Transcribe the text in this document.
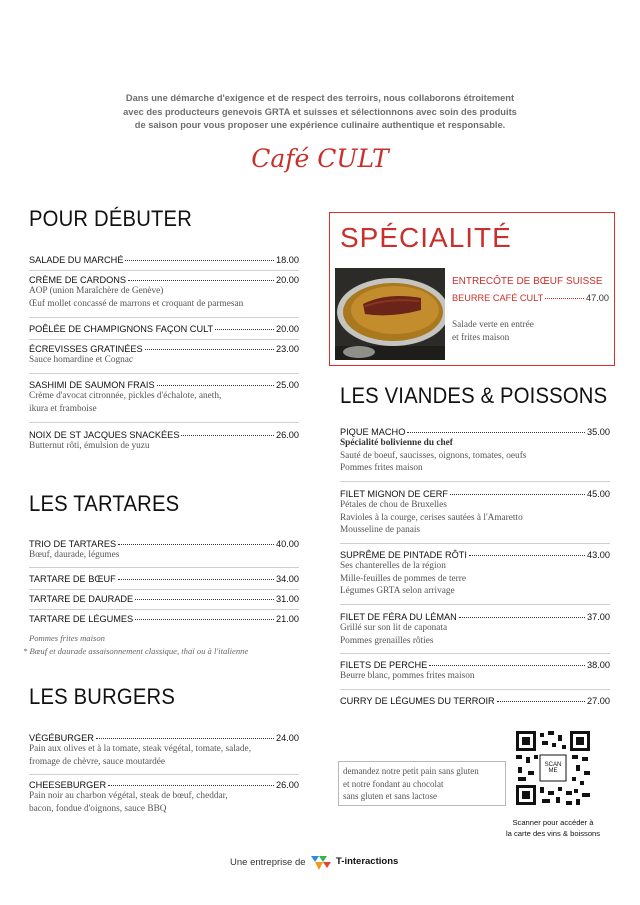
Dans une démarche d'exigence et de respect des terroirs, nous collaborons étroitement
avec des producteurs genevois GRTA et suisses et sélectionnons avec soin des produits
de saison pour vous proposer une expérience culinaire authentique et responsable.
Café CULT
POUR DÉBUTER
SALADE DU MARCHÉ	18.00
CRÈME DE CARDONS	20.00
AOP (union Maraîchère de Genève)
Œuf mollet concassé de marrons et croquant de parmesan
POÊLÉE DE CHAMPIGNONS FAÇON CULT	20.00
ÉCREVISSES GRATINÉES	23.00
Sauce homardine et Cognac
SASHIMI DE SAUMON FRAIS	25.00
Crème d'avocat citronnée, pickles d'échalote, aneth,
ikura et framboise
NOIX DE ST JACQUES SNACKÉES	26.00
Butternut rôti, émulsion de yuzu
LES TARTARES
TRIO DE TARTARES	40.00
Bœuf, daurade, légumes
TARTARE DE BŒUF	34.00
TARTARE DE DAURADE	31.00
TARTARE DE LÉGUMES	21.00
Pommes frites maison
* Bœuf et daurade assaisonnement classique, thaï ou à l'italienne
LES BURGERS
VÉGÉBURGER	24.00
Pain aux olives et à la tomate, steak végétal, tomate, salade,
fromage de chèvre, sauce moutardée
CHEESEBURGER	26.00
Pain noir au charbon végétal, steak de bœuf, cheddar,
bacon, fondue d'oignons, sauce BBQ
SPÉCIALITÉ
ENTRECÔTE DE BŒUF SUISSE
BEURRE CAFÉ CULT	47.00
Salade verte en entrée
et frites maison
LES VIANDES & POISSONS
PIQUE MACHO	35.00
Spécialité bolivienne du chef
Sauté de boeuf, saucisses, oignons, tomates, oeufs
Pommes frites maison
FILET MIGNON DE CERF	45.00
Pétales de chou de Bruxelles
Ravioles à la courge, cerises sautées à l'Amaretto
Mousseline de panais
SUPRÊME DE PINTADE RÔTI	43.00
Ses chanterelles de la région
Mille-feuilles de pommes de terre
Légumes GRTA selon arrivage
FILET DE FÉRA DU LÉMAN	37.00
Grillé sur son lit de caponata
Pommes grenailles rôties
FILETS DE PERCHE	38.00
Beurre blanc, pommes frites maison
CURRY DE LÉGUMES DU TERROIR	27.00
demandez notre petit pain sans gluten
et notre fondant au chocolat
sans gluten et sans lactose
SCAN ME
Scanner pour accéder à
la carte des vins & boissons
Une entreprise de	T-interactions
